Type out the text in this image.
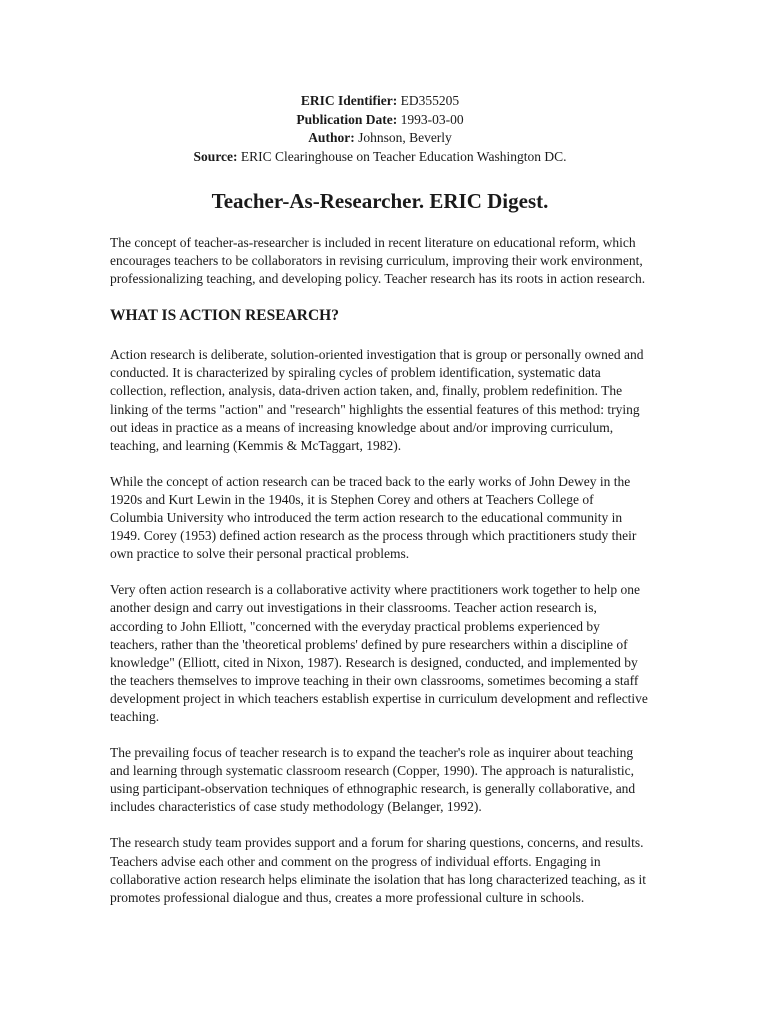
ERIC Identifier: ED355205
Publication Date: 1993-03-00
Author: Johnson, Beverly
Source: ERIC Clearinghouse on Teacher Education Washington DC.
Teacher-As-Researcher. ERIC Digest.

The concept of teacher-as-researcher is included in recent literature on educational reform, which encourages teachers to be collaborators in revising curriculum, improving their work environment, professionalizing teaching, and developing policy. Teacher research has its roots in action research.

WHAT IS ACTION RESEARCH?

Action research is deliberate, solution-oriented investigation that is group or personally owned and conducted. It is characterized by spiraling cycles of problem identification, systematic data collection, reflection, analysis, data-driven action taken, and, finally, problem redefinition. The linking of the terms "action" and "research" highlights the essential features of this method: trying out ideas in practice as a means of increasing knowledge about and/or improving curriculum, teaching, and learning (Kemmis & McTaggart, 1982).

While the concept of action research can be traced back to the early works of John Dewey in the 1920s and Kurt Lewin in the 1940s, it is Stephen Corey and others at Teachers College of Columbia University who introduced the term action research to the educational community in 1949. Corey (1953) defined action research as the process through which practitioners study their own practice to solve their personal practical problems.

Very often action research is a collaborative activity where practitioners work together to help one another design and carry out investigations in their classrooms. Teacher action research is, according to John Elliott, "concerned with the everyday practical problems experienced by teachers, rather than the 'theoretical problems' defined by pure researchers within a discipline of knowledge" (Elliott, cited in Nixon, 1987). Research is designed, conducted, and implemented by the teachers themselves to improve teaching in their own classrooms, sometimes becoming a staff development project in which teachers establish expertise in curriculum development and reflective teaching.

The prevailing focus of teacher research is to expand the teacher's role as inquirer about teaching and learning through systematic classroom research (Copper, 1990). The approach is naturalistic, using participant-observation techniques of ethnographic research, is generally collaborative, and includes characteristics of case study methodology (Belanger, 1992).

The research study team provides support and a forum for sharing questions, concerns, and results. Teachers advise each other and comment on the progress of individual efforts. Engaging in collaborative action research helps eliminate the isolation that has long characterized teaching, as it promotes professional dialogue and thus, creates a more professional culture in schools.
